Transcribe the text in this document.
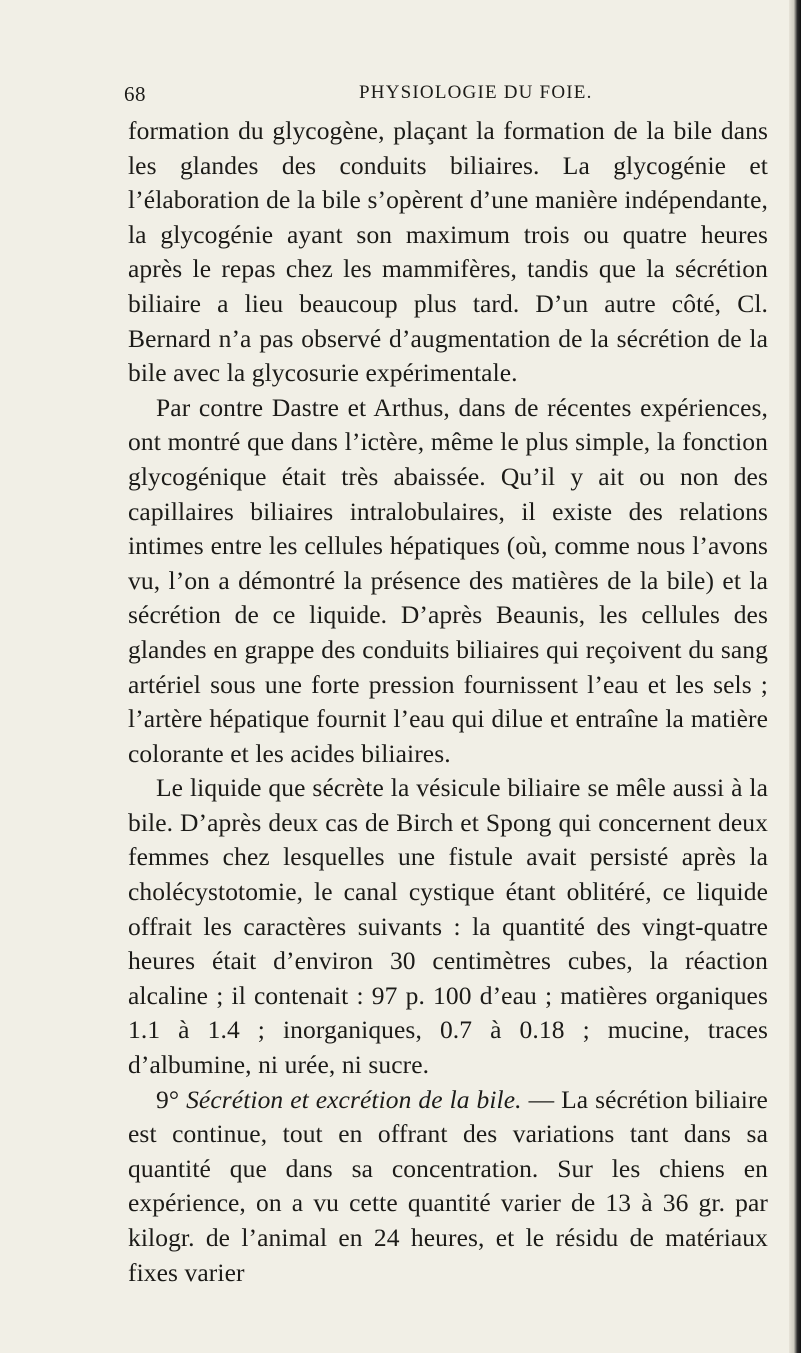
68	PHYSIOLOGIE DU FOIE.

formation du glycogène, plaçant la formation de la bile dans les glandes des conduits biliaires. La glycogénie et l’élaboration de la bile s’opèrent d’une manière indépendante, la glycogénie ayant son maximum trois ou quatre heures après le repas chez les mammifères, tandis que la sécrétion biliaire a lieu beaucoup plus tard. D’un autre côté, Cl. Bernard n’a pas observé d’augmentation de la sécrétion de la bile avec la glycosurie expérimentale.

Par contre Dastre et Arthus, dans de récentes expériences, ont montré que dans l’ictère, même le plus simple, la fonction glycogénique était très abaissée. Qu’il y ait ou non des capillaires biliaires intralobulaires, il existe des relations intimes entre les cellules hépatiques (où, comme nous l’avons vu, l’on a démontré la présence des matières de la bile) et la sécrétion de ce liquide. D’après Beaunis, les cellules des glandes en grappe des conduits biliaires qui reçoivent du sang artériel sous une forte pression fournissent l’eau et les sels ; l’artère hépatique fournit l’eau qui dilue et entraîne la matière colorante et les acides biliaires.

Le liquide que sécrète la vésicule biliaire se mêle aussi à la bile. D’après deux cas de Birch et Spong qui concernent deux femmes chez lesquelles une fistule avait persisté après la cholécystotomie, le canal cystique étant oblitéré, ce liquide offrait les caractères suivants : la quantité des vingt-quatre heures était d’environ 30 centimètres cubes, la réaction alcaline ; il contenait : 97 p. 100 d’eau ; matières organiques 1.1 à 1.4 ; inorganiques, 0.7 à 0.18 ; mucine, traces d’albumine, ni urée, ni sucre.

9° Sécrétion et excrétion de la bile. — La sécrétion biliaire est continue, tout en offrant des variations tant dans sa quantité que dans sa concentration. Sur les chiens en expérience, on a vu cette quantité varier de 13 à 36 gr. par kilogr. de l’animal en 24 heures, et le résidu de matériaux fixes varier
